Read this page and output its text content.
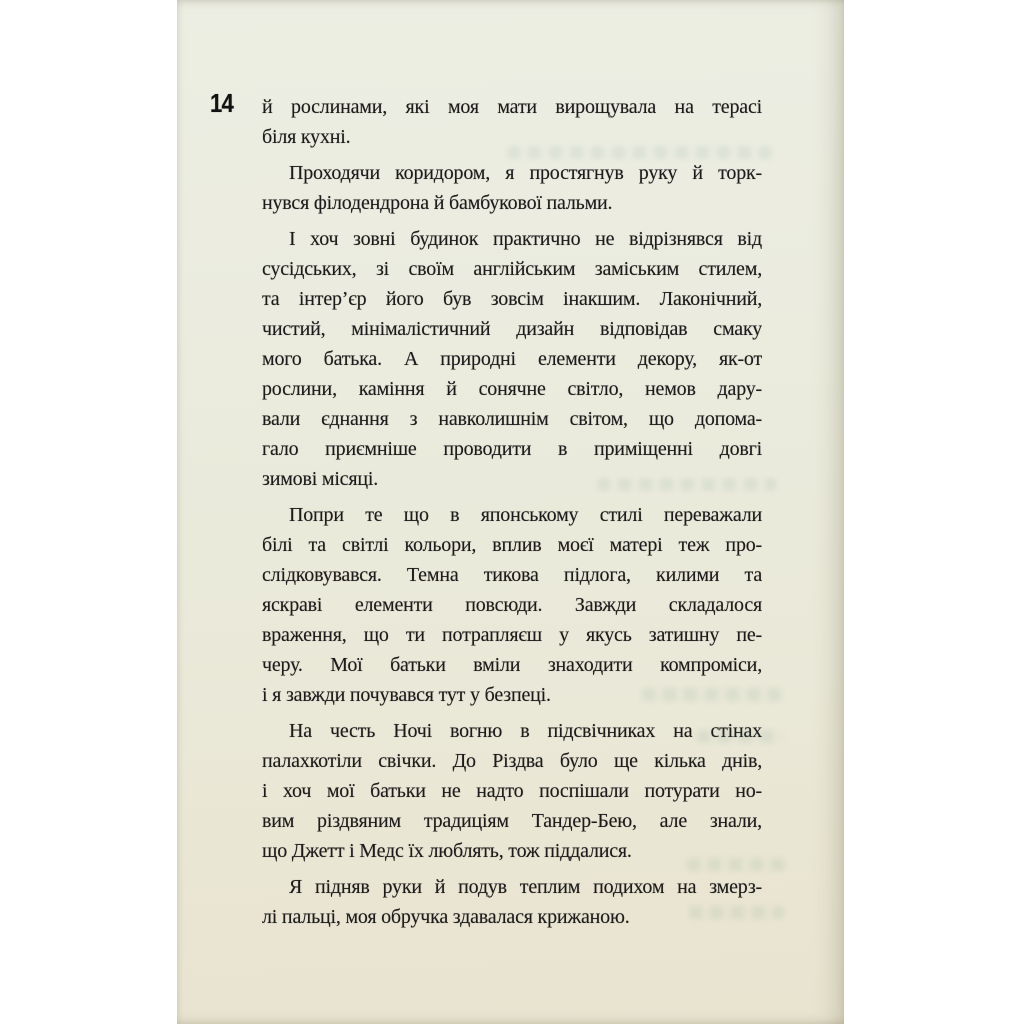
14 й рослинами, які моя мати вирощувала на терасі
біля кухні.

Проходячи коридором, я простягнув руку й торк-
нувся філодендрона й бамбукової пальми.

І хоч зовні будинок практично не відрізнявся від
сусідських, зі своїм англійським заміським стилем,
та інтер’єр його був зовсім інакшим. Лаконічний,
чистий, мінімалістичний дизайн відповідав смаку
мого батька. А природні елементи декору, як-от
рослини, каміння й сонячне світло, немов дару-
вали єднання з навколишнім світом, що допома-
гало приємніше проводити в приміщенні довгі
зимові місяці.

Попри те що в японському стилі переважали
білі та світлі кольори, вплив моєї матері теж про-
слідковувався. Темна тикова підлога, килими та
яскраві елементи повсюди. Завжди складалося
враження, що ти потрапляєш у якусь затишну пе-
черу. Мої батьки вміли знаходити компроміси,
і я завжди почувався тут у безпеці.

На честь Ночі вогню в підсвічниках на стінах
палахкотіли свічки. До Різдва було ще кілька днів,
і хоч мої батьки не надто поспішали потурати но-
вим різдвяним традиціям Тандер-Бею, але знали,
що Джетт і Медс їх люблять, тож піддалися.

Я підняв руки й подув теплим подихом на змерз-
лі пальці, моя обручка здавалася крижаною.
